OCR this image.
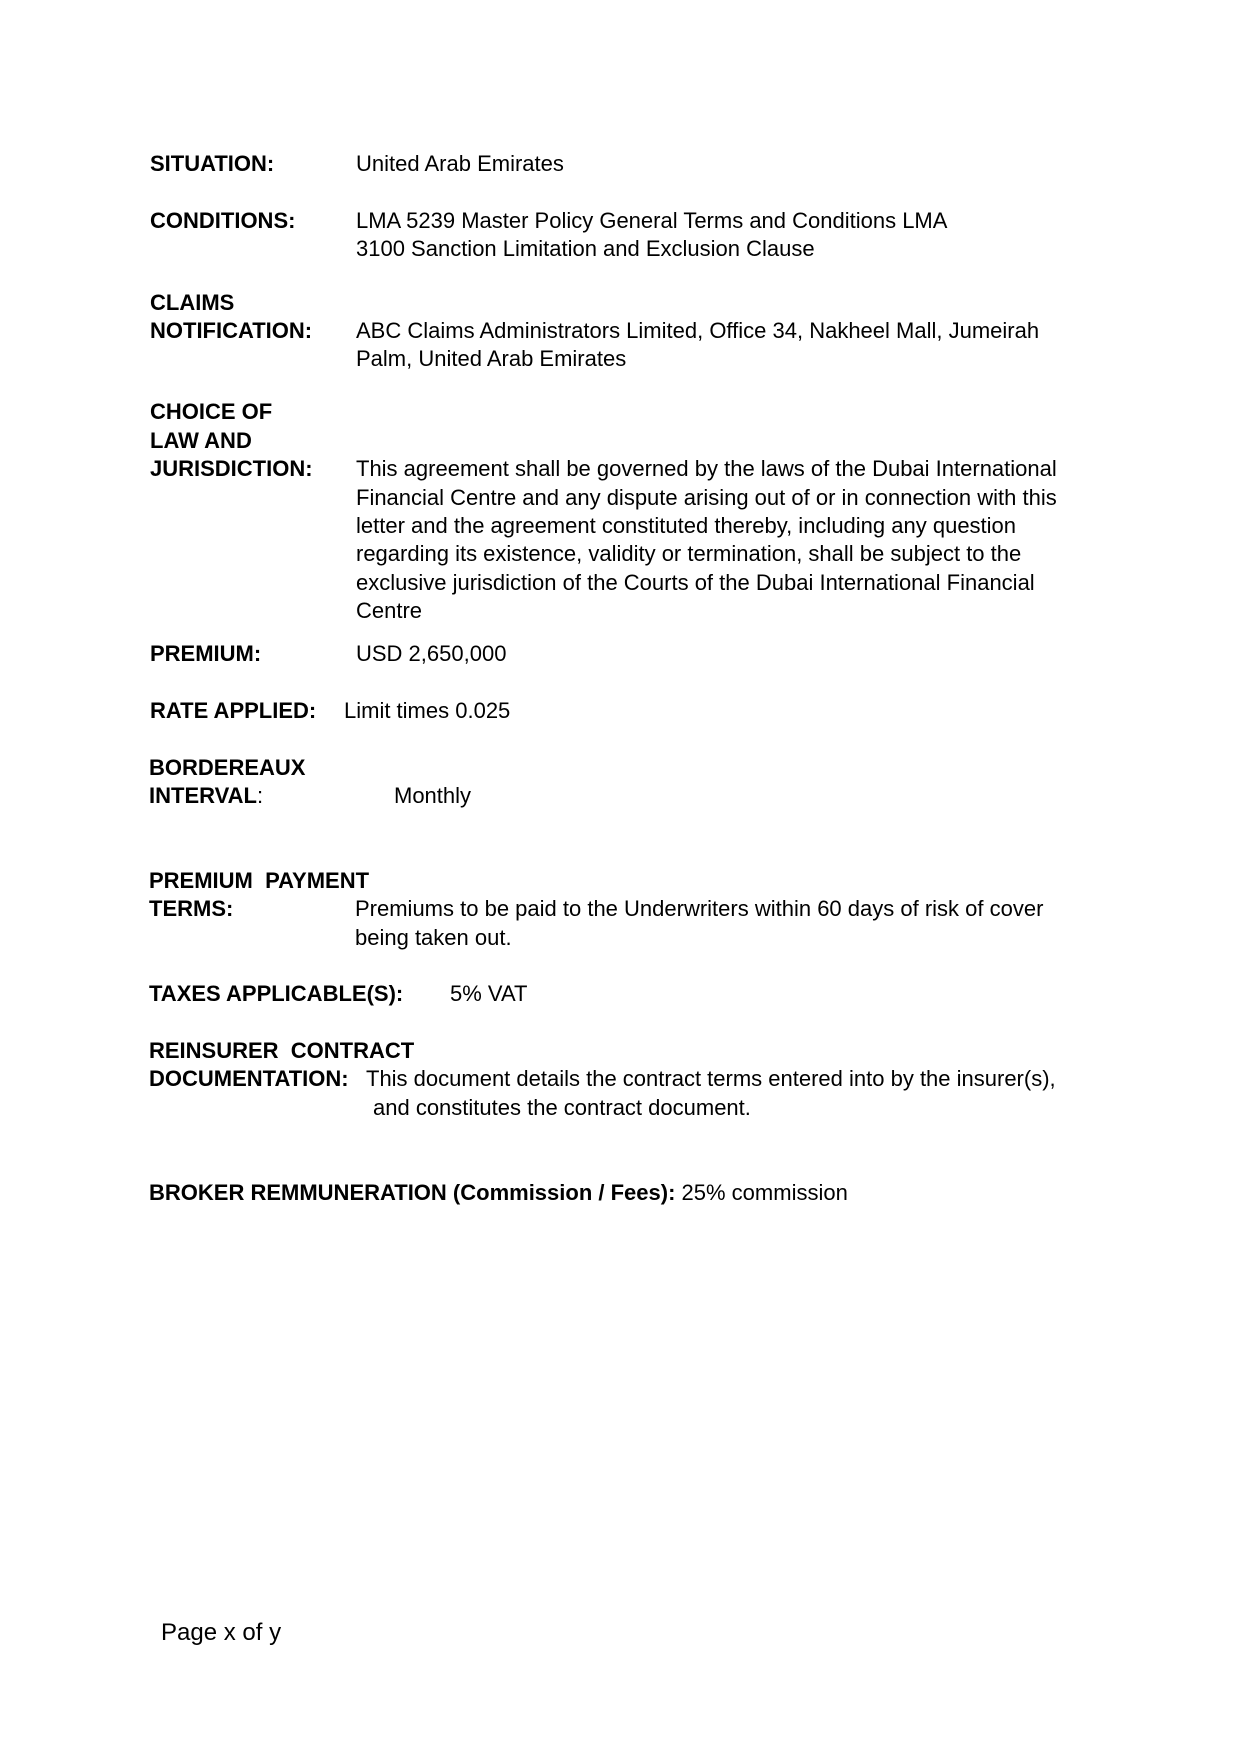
SITUATION:	United Arab Emirates
CONDITIONS:	LMA 5239 Master Policy General Terms and Conditions LMA
3100 Sanction Limitation and Exclusion Clause
CLAIMS
NOTIFICATION: ABC Claims Administrators Limited, Office 34, Nakheel Mall, Jumeirah
Palm, United Arab Emirates
CHOICE OF
LAW AND
JURISDICTION: This agreement shall be governed by the laws of the Dubai International
Financial Centre and any dispute arising out of or in connection with this
letter and the agreement constituted thereby, including any question
regarding its existence, validity or termination, shall be subject to the
exclusive jurisdiction of the Courts of the Dubai International Financial
Centre
PREMIUM:	USD 2,650,000
RATE APPLIED: Limit times 0.025
BORDEREAUX
INTERVAL:	Monthly
PREMIUM  PAYMENT
TERMS:	Premiums to be paid to the Underwriters within 60 days of risk of cover
being taken out.
TAXES APPLICABLE(S): 5% VAT
REINSURER  CONTRACT
DOCUMENTATION: This document details the contract terms entered into by the insurer(s),
and constitutes the contract document.
BROKER REMMUNERATION (Commission / Fees): 25% commission
Page x of y
